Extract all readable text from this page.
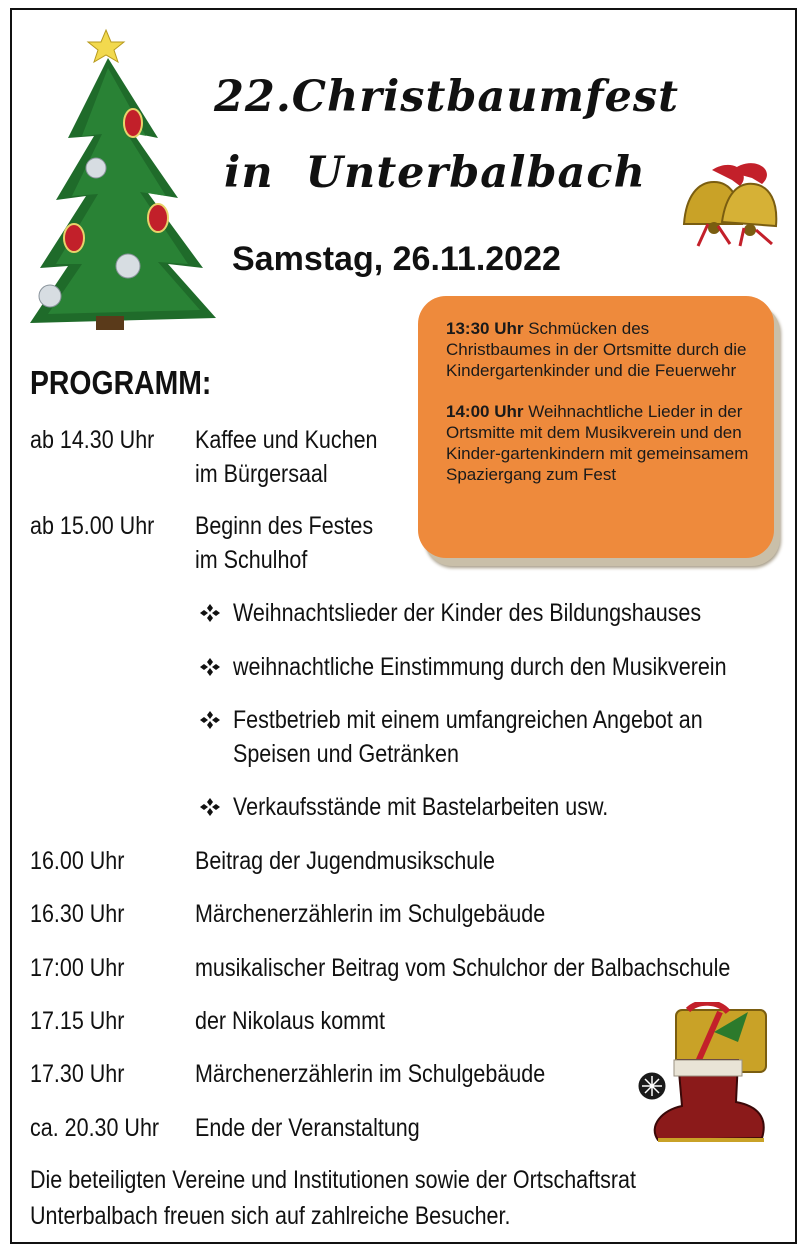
22.Christbaumfest
in Unterbalbach
Samstag, 26.11.2022

13:30 Uhr Schmücken des Christbaumes in der Ortsmitte durch die Kindergartenkinder und die Feuerwehr

14:00 Uhr Weihnachtliche Lieder in der Ortsmitte mit dem Musikverein und den Kinder-gartenkindern mit gemeinsamem Spaziergang zum Fest

PROGRAMM:
ab 14.30 Uhr Kaffee und Kuchen
im Bürgersaal
ab 15.00 Uhr Beginn des Festes
im Schulhof
Weihnachtslieder der Kinder des Bildungshauses
weihnachtliche Einstimmung durch den Musikverein
Festbetrieb mit einem umfangreichen Angebot an
Speisen und Getränken
Verkaufsstände mit Bastelarbeiten usw.
16.00 Uhr	Beitrag der Jugendmusikschule
16.30 Uhr	Märchenerzählerin im Schulgebäude
17:00 Uhr	musikalischer Beitrag vom Schulchor der Balbachschule
17.15 Uhr	der Nikolaus kommt
17.30 Uhr	Märchenerzählerin im Schulgebäude
ca. 20.30 Uhr Ende der Veranstaltung
Die beteiligten Vereine und Institutionen sowie der Ortschaftsrat
Unterbalbach freuen sich auf zahlreiche Besucher.
